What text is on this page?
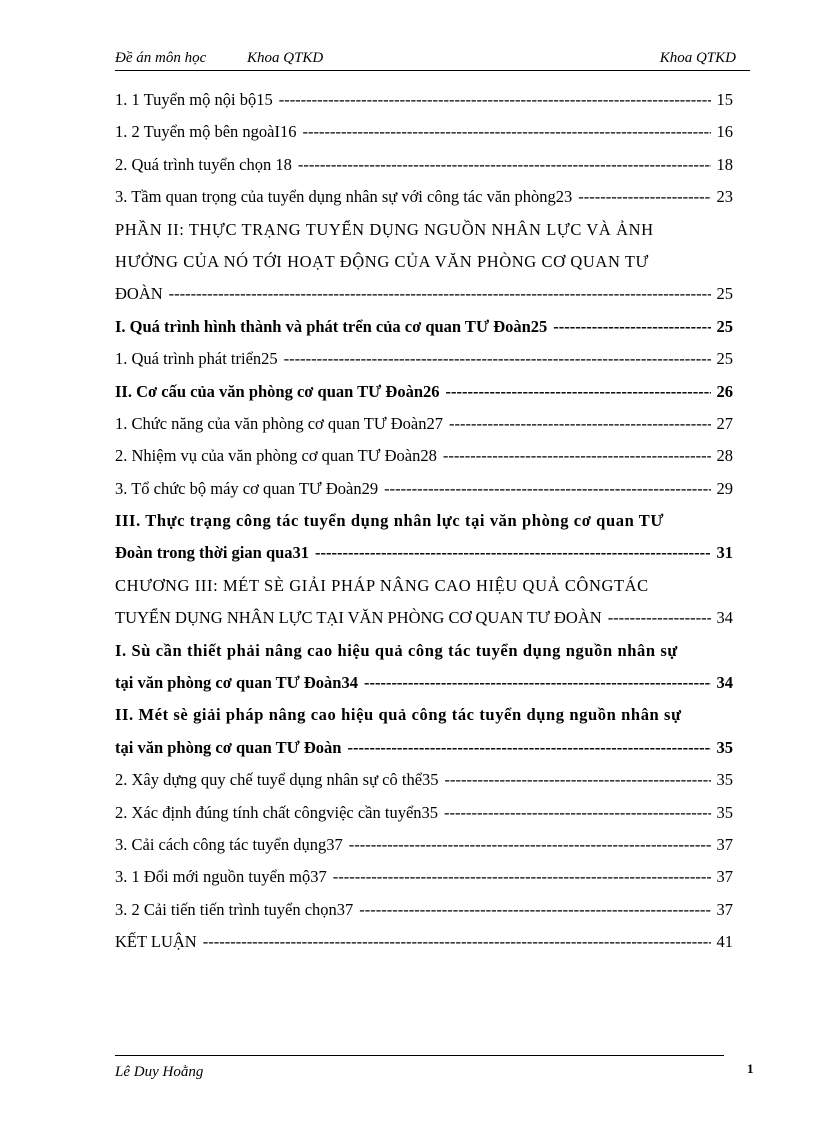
Đề án môn học	Khoa QTKD	Khoa QTKD
1. 1 Tuyển mộ nội bộ15 -----	15
1. 2 Tuyển mộ bên ngoàI16 -----	16
2. Quá trình tuyển chọn 18 -----	18
3. Tầm quan trọng của tuyển dụng nhân sự với công tác văn phòng23 -----	23
PHẦN II: THỰC TRẠNG TUYỂN DỤNG NGUỒN NHÂN LỰC VÀ ẢNH
HƯỞNG CỦA NÓ TỚI HOẠT ĐỘNG CỦA VĂN PHÒNG CƠ QUAN TƯ
ĐOÀN -----	25
I. Quá trình hình thành và phát trển của cơ quan TƯ Đoàn25 -----	25
1. Quá trình phát triển25 -----	25
II. Cơ cấu của văn phòng cơ quan TƯ Đoàn26 -----	26
1. Chức năng của văn phòng cơ quan TƯ Đoàn27 -----	27
2. Nhiệm vụ của văn phòng cơ quan TƯ Đoàn28 -----	28
3. Tổ chức bộ máy cơ quan TƯ Đoàn29 -----	29
III. Thực trạng công tác tuyển dụng nhân lực tại văn phòng cơ quan TƯ
Đoàn trong thời gian qua31 -----	31
CHƯƠNG III: MÉT SÈ GIẢI PHÁP NÂNG CAO HIỆU QUẢ CÔNGTÁC
TUYỂN DỤNG NHÂN LỰC TẠI VĂN PHÒNG CƠ QUAN TƯ ĐOÀN -----	34
I. Sù cần thiết phải nâng cao hiệu quả công tác tuyển dụng nguồn nhân sự
tại văn phòng cơ quan TƯ Đoàn34 -----	34
II. Mét sè giải pháp nâng cao hiệu quả công tác tuyển dụng nguồn nhân sự
tại văn phòng cơ quan TƯ Đoàn -----	35
2. Xây dựng quy chế tuyể dụng nhân sự cô thể35 -----	35
2. Xác định đúng tính chất côngviệc cần tuyển35 -----	35
3. Cải cách công tác tuyển dụng37 -----	37
3. 1 Đổi mới nguồn tuyển mộ37 -----	37
3. 2 Cải tiến tiến trình tuyển chọn37 -----	37
KẾT LUẬN -----	41
Lê Duy Hoằng	1
